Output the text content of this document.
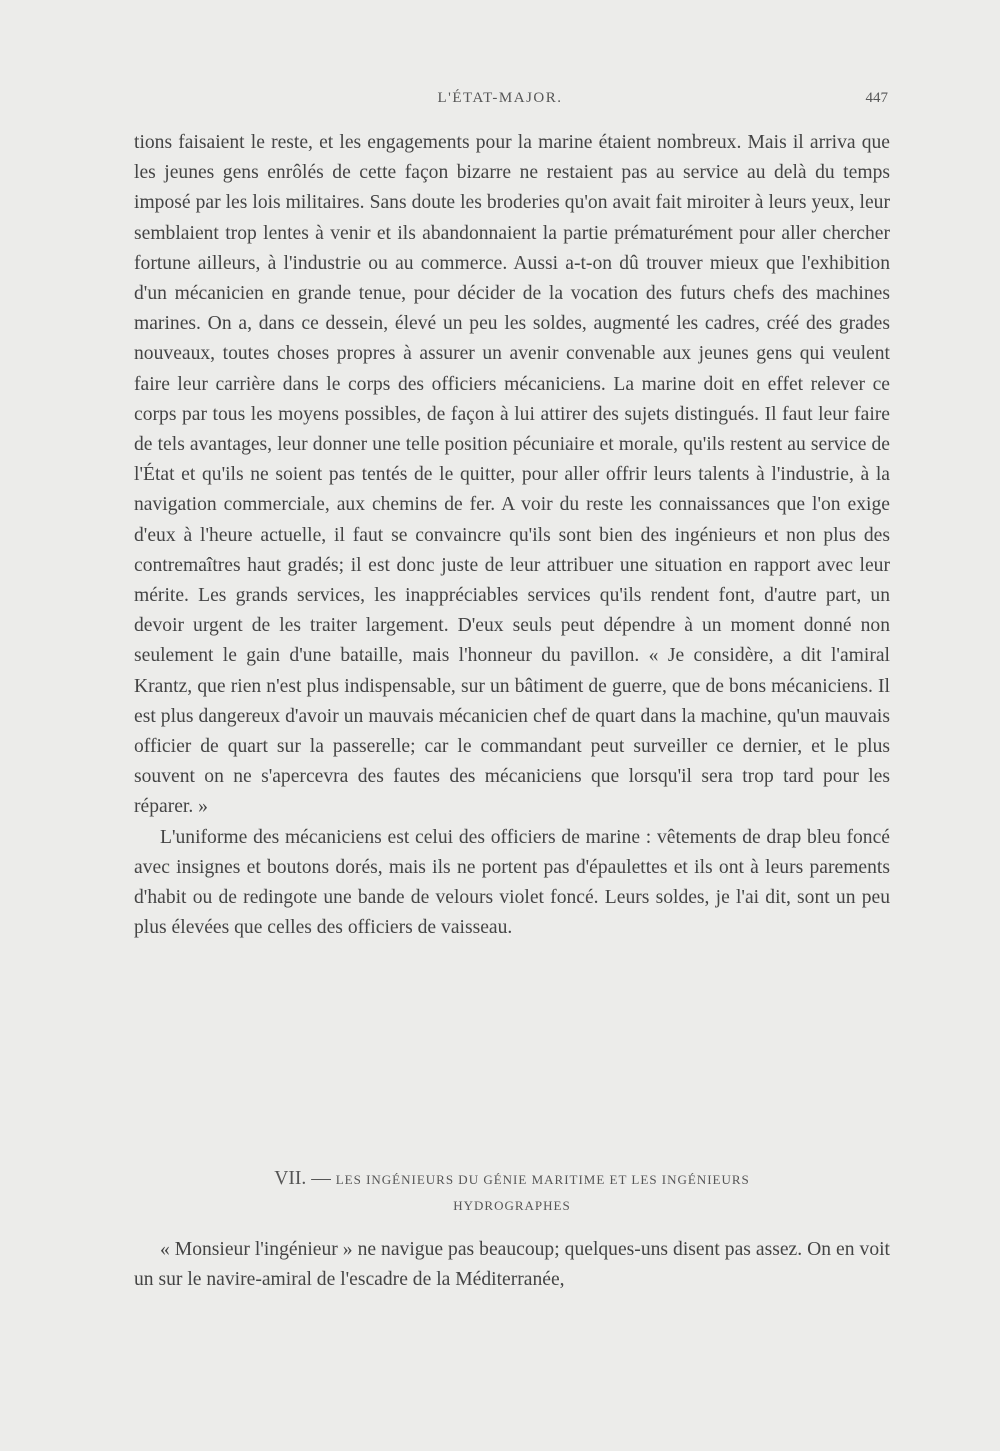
L'ÉTAT-MAJOR.	447

tions faisaient le reste, et les engagements pour la marine étaient nombreux. Mais il arriva que les jeunes gens enrôlés de cette façon bizarre ne restaient pas au service au delà du temps imposé par les lois militaires. Sans doute les broderies qu'on avait fait miroiter à leurs yeux, leur semblaient trop lentes à venir et ils abandonnaient la partie prématurément pour aller chercher fortune ailleurs, à l'industrie ou au commerce. Aussi a-t-on dû trouver mieux que l'exhibition d'un mécanicien en grande tenue, pour décider de la vocation des futurs chefs des machines marines. On a, dans ce dessein, élevé un peu les soldes, augmenté les cadres, créé des grades nouveaux, toutes choses propres à assurer un avenir convenable aux jeunes gens qui veulent faire leur carrière dans le corps des officiers mécaniciens. La marine doit en effet relever ce corps par tous les moyens possibles, de façon à lui attirer des sujets distingués. Il faut leur faire de tels avantages, leur donner une telle position pécuniaire et morale, qu'ils restent au service de l'État et qu'ils ne soient pas tentés de le quitter, pour aller offrir leurs talents à l'industrie, à la navigation commerciale, aux chemins de fer. A voir du reste les connaissances que l'on exige d'eux à l'heure actuelle, il faut se convaincre qu'ils sont bien des ingénieurs et non plus des contremaîtres haut gradés; il est donc juste de leur attribuer une situation en rapport avec leur mérite. Les grands services, les inappréciables services qu'ils rendent font, d'autre part, un devoir urgent de les traiter largement. D'eux seuls peut dépendre à un moment donné non seulement le gain d'une bataille, mais l'honneur du pavillon. « Je considère, a dit l'amiral Krantz, que rien n'est plus indispensable, sur un bâtiment de guerre, que de bons mécaniciens. Il est plus dangereux d'avoir un mauvais mécanicien chef de quart dans la machine, qu'un mauvais officier de quart sur la passerelle; car le commandant peut surveiller ce dernier, et le plus souvent on ne s'apercevra des fautes des mécaniciens que lorsqu'il sera trop tard pour les réparer. »

L'uniforme des mécaniciens est celui des officiers de marine : vêtements de drap bleu foncé avec insignes et boutons dorés, mais ils ne portent pas d'épaulettes et ils ont à leurs parements d'habit ou de redingote une bande de velours violet foncé. Leurs soldes, je l'ai dit, sont un peu plus élevées que celles des officiers de vaisseau.

VII. — LES INGÉNIEURS DU GÉNIE MARITIME ET LES INGÉNIEURS
HYDROGRAPHES

« Monsieur l'ingénieur » ne navigue pas beaucoup; quelques-uns disent pas assez. On en voit un sur le navire-amiral de l'escadre de la Méditerranée,
